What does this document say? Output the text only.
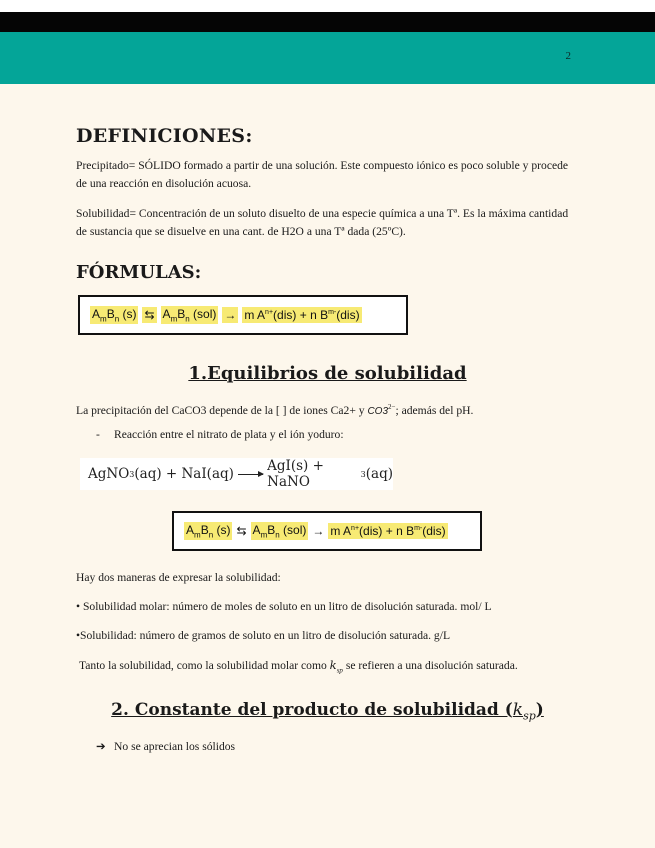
2
DEFINICIONES:

Precipitado= SÓLIDO formado a partir de una solución. Este compuesto iónico es poco soluble y procede de una reacción en disolución acuosa.

Solubilidad= Concentración de un soluto disuelto de una especie química a una Tª. Es la máxima cantidad de sustancia que se disuelve en una cant. de H2O a una Tª dada (25ºC).

FÓRMULAS:
$A_mB_n$ (s) ⇆ $A_mB_n$ (sol) → m $A^{n+}(dis) + n$ $B^{m-}(dis)$
1.Equilibrios de solubilidad

La precipitación del CaCO3 depende de la [ ] de iones Ca2+ y $CO3^{2-}$; además del pH.

- Reacción entre el nitrato de plata y el ión yoduro:
AgNO 3 (aq) + NaI(aq) → AgI(s) + NaNO	3 (aq)
$A_mB_n$ (s) ⇆ $A_mB_n$ (sol) → m $A^{n+}(dis) + n$ $B^{m-}(dis)$

Hay dos maneras de expresar la solubilidad:

• Solubilidad molar: número de moles de soluto en un litro de disolución saturada. mol/ L

•Solubilidad: número de gramos de soluto en un litro de disolución saturada. g/L

Tanto la solubilidad, como la solubilidad molar como $k_{sp}$ se refieren a una disolución saturada.

2. Constante del producto de solubilidad $(k_{sp})$
➔ No se aprecian los sólidos
